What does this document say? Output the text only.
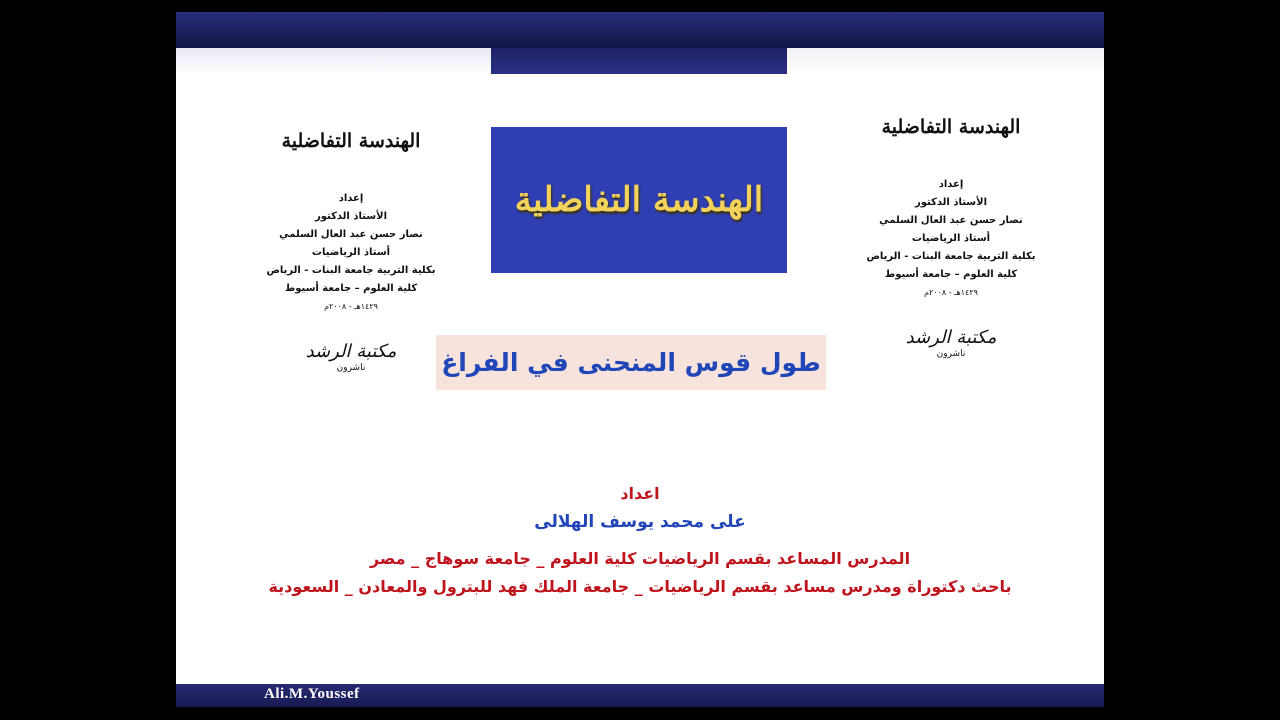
الهندسة التفاضلية
إعداد
الأستاذ الدكتور
نصار حسن عبد العال السلمي
أستاذ الرياضيات
بكلية التربية جامعة البنات - الرياض
كلية العلوم – جامعة أسيوط
١٤٢٩هـ - ٢٠٠٨م
مكتبة الرشد
ناشرون
الهندسة التفاضلية
إعداد
الأستاذ الدكتور
نصار حسن عبد العال السلمي
أستاذ الرياضيات
بكلية التربية جامعة البنات - الرياض
كلية العلوم – جامعة أسيوط
١٤٢٩هـ - ٢٠٠٨م
مكتبة الرشد
ناشرون
الهندسة التفاضلية
طول قوس المنحنى في الفراغ
اعداد
على محمد يوسف الهلالى
المدرس المساعد بقسم الرياضيات كلية العلوم _ جامعة سوهاج _ مصر
باحث دكتوراة ومدرس مساعد بقسم الرياضيات _ جامعة الملك فهد للبترول والمعادن _ السعودية
Ali.M.Youssef
